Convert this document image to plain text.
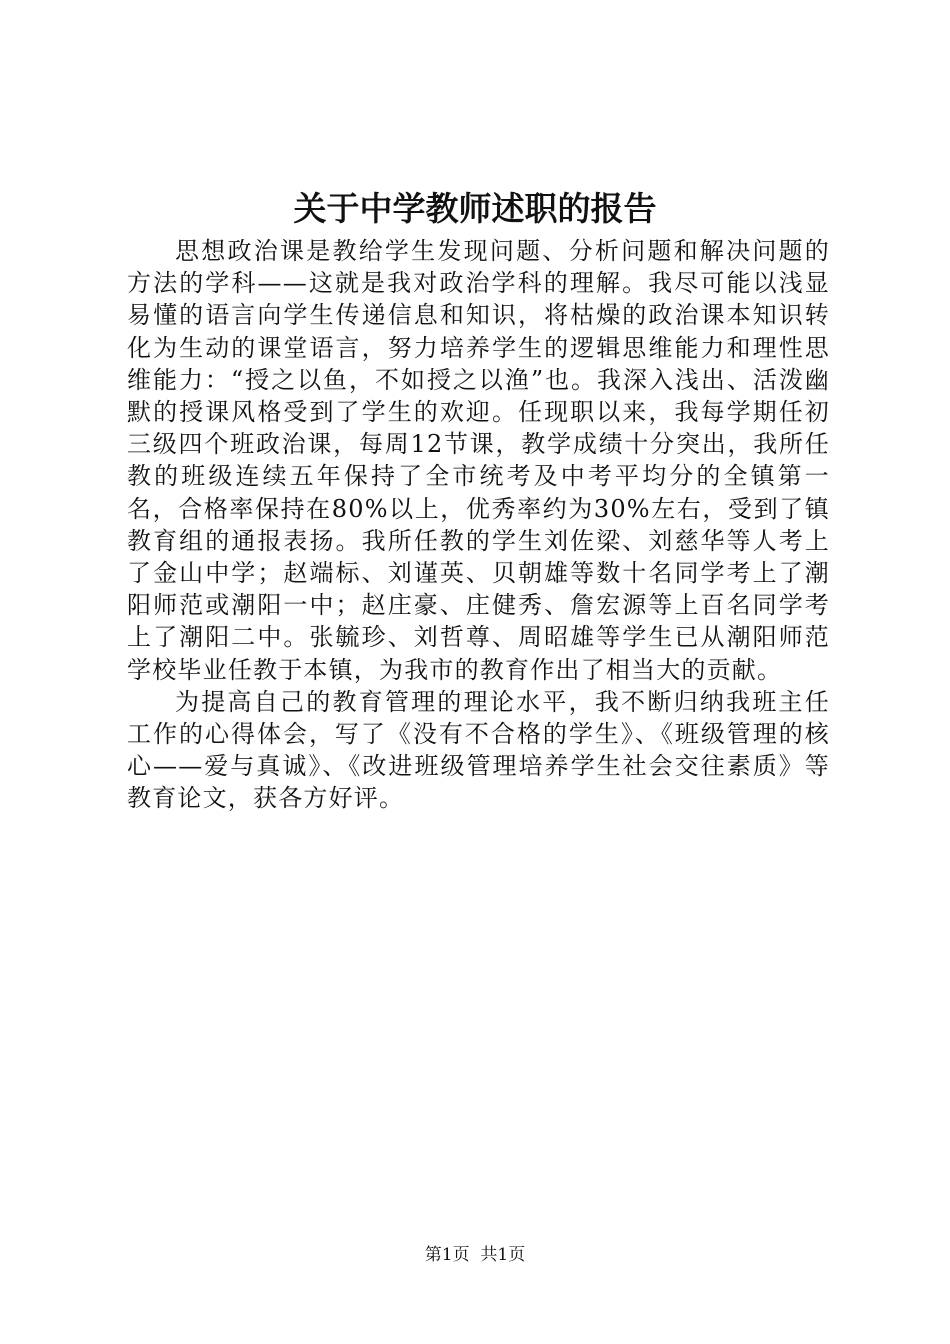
关于中学教师述职的报告

思想政治课是教给学生发现问题、分析问题和解决问题的方法的学科——这就是我对政治学科的理解。我尽可能以浅显易懂的语言向学生传递信息和知识，将枯燥的政治课本知识转化为生动的课堂语言，努力培养学生的逻辑思维能力和理性思维能力：“授之以鱼，不如授之以渔”也。我深入浅出、活泼幽默的授课风格受到了学生的欢迎。任现职以来，我每学期任初三级四个班政治课，每周12节课，教学成绩十分突出，我所任教的班级连续五年保持了全市统考及中考平均分的全镇第一名，合格率保持在80%以上，优秀率约为30%左右，受到了镇教育组的通报表扬。我所任教的学生刘佐梁、刘慈华等人考上了金山中学；赵端标、刘谨英、贝朝雄等数十名同学考上了潮阳师范或潮阳一中；赵庄豪、庄健秀、詹宏源等上百名同学考上了潮阳二中。张毓珍、刘哲尊、周昭雄等学生已从潮阳师范学校毕业任教于本镇，为我市的教育作出了相当大的贡献。

为提高自己的教育管理的理论水平，我不断归纳我班主任工作的心得体会，写了《没有不合格的学生》、《班级管理的核心——爱与真诚》、《改进班级管理培养学生社会交往素质》等教育论文，获各方好评。

第1页  共1页
